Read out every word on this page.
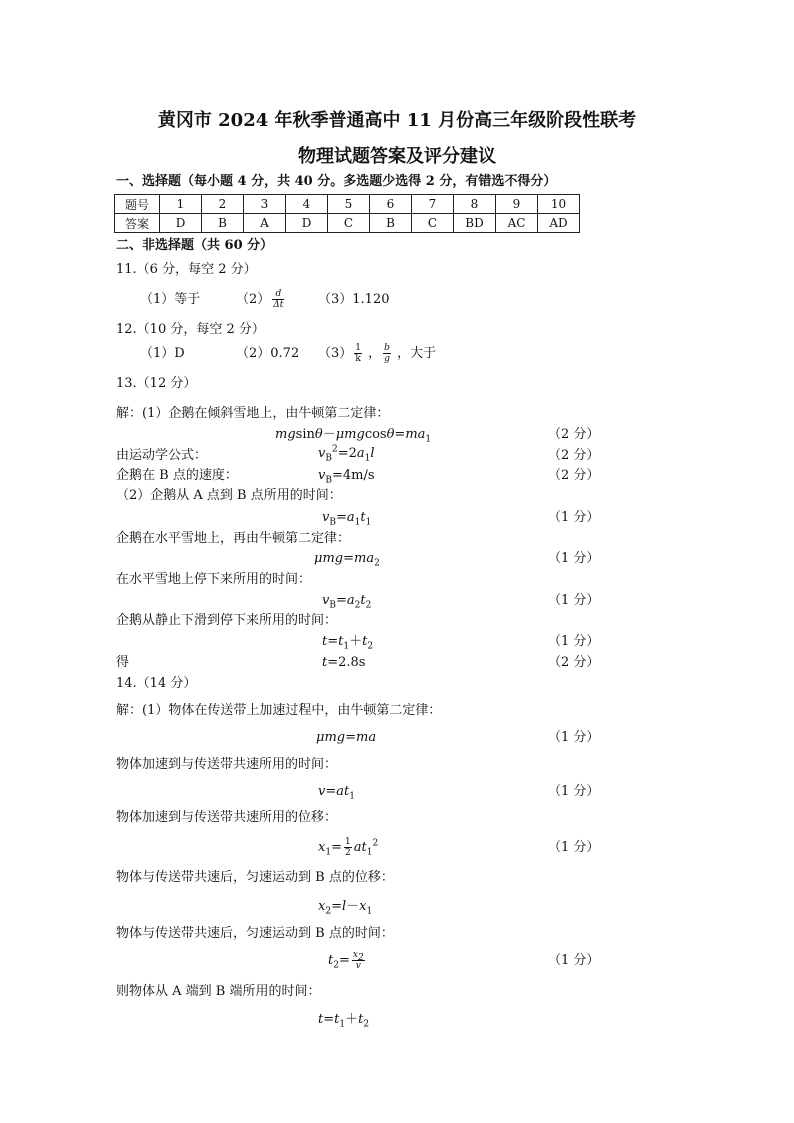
黄冈市 2024 年秋季普通高中 11 月份高三年级阶段性联考
物理试题答案及评分建议
一、选择题（每小题 4 分，共 40 分。多选题少选得 2 分，有错选不得分）
题号	1	2	3	4	5	6	7	8	9	10
答案	D	B	A	D	C	B	C	BD	AC	AD
二、非选择题（共 60 分）
11.（6 分，每空 2 分）
（1）等于	$(2) \frac{d}{\Delta t}$	（3）1.120
12.（10 分，每空 2 分）
（1）D	（2）0.72 $(3) \frac{1}{k}$ ， $\frac{b}{g}$ ，大于
13.（12 分）
解：(1）企鹅在倾斜雪地上，由牛顿第二定律：
$mgsin\theta-\mu mgcos\theta=ma_1$	（2 分）
由运动学公式：	$v_B^2=2a_1l$	（2 分）
企鹅在 B 点的速度：	$v_B=4m/s$	（2 分）
（2）企鹅从 A 点到 B 点所用的时间：
$v_B=a_1t_1$	（1 分）
企鹅在水平雪地上，再由牛顿第二定律：
$\mu mg=ma_2$	（1 分）
在水平雪地上停下来所用的时间：
$v_B=a_2t_2$	（1 分）
企鹅从静止下滑到停下来所用的时间：
$t=t_1+t_2$	（1 分）
得	t=2.8s	（2 分）
14.（14 分）
解：(1）物体在传送带上加速过程中，由牛顿第二定律：
μmg=ma	（1 分）
物体加速到与传送带共速所用的时间：
$v=at_1$	（1 分）
物体加速到与传送带共速所用的位移：
$x_1= \frac{1}{2} at_1^2$	（1 分）
物体与传送带共速后，匀速运动到 B 点的位移：
$x_2=l-x_1$
物体与传送带共速后，匀速运动到 B 点的时间：
$t_2= \frac{x_2}{v}$	（1 分）
则物体从 A 端到 B 端所用的时间：
$t=t_1+t_2$
